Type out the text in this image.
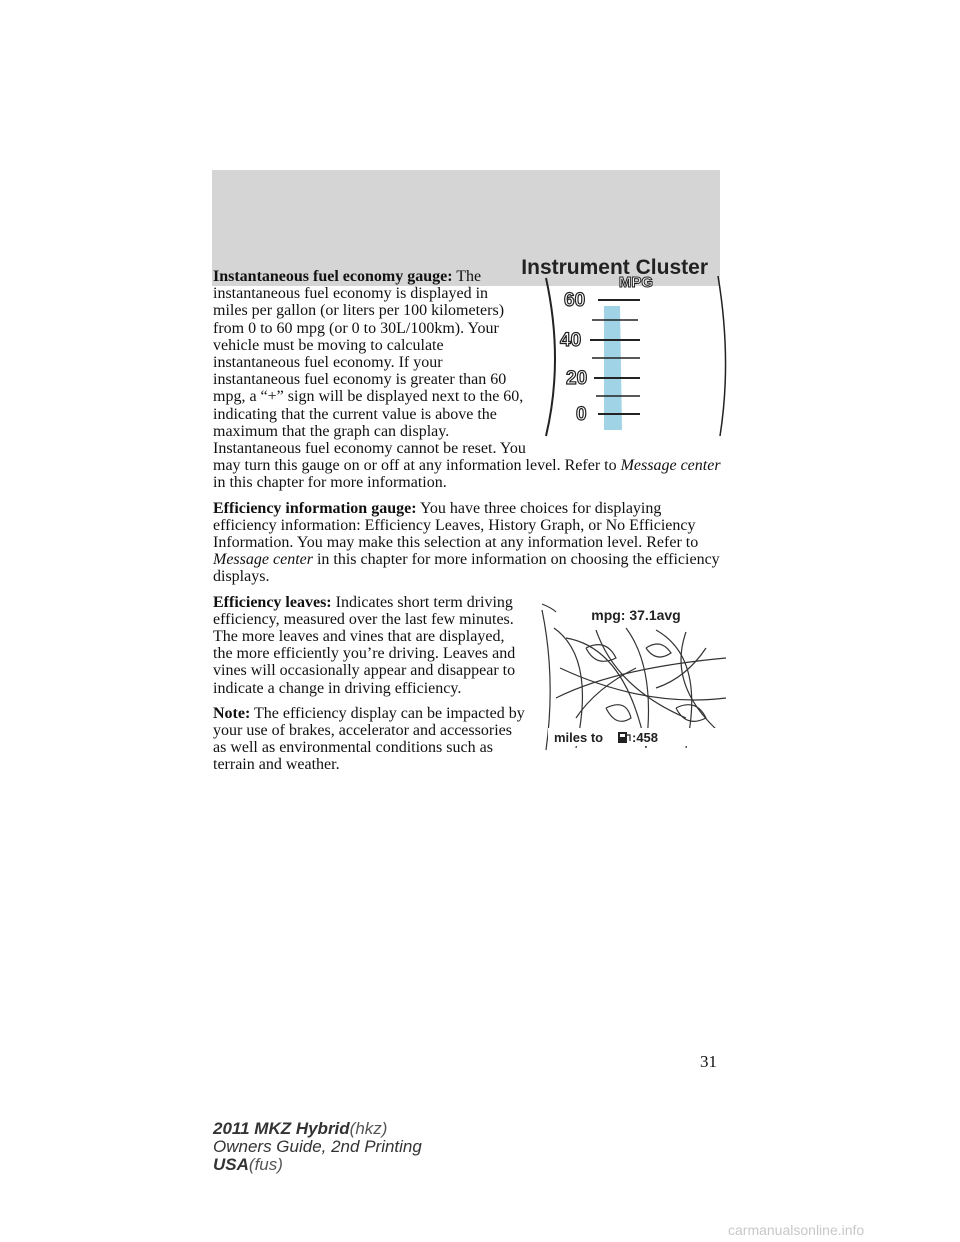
Instrument Cluster
MPG
60
40
20
0
Instantaneous fuel economy gauge: The instantaneous fuel economy is displayed in miles per gallon (or liters per 100 kilometers) from 0 to 60 mpg (or 0 to 30L/100km). Your vehicle must be moving to calculate instantaneous fuel economy. If your instantaneous fuel economy is greater than 60 mpg, a “+” sign will be displayed next to the 60, indicating that the current value is above the maximum that the graph can display. Instantaneous fuel economy cannot be reset. You may turn this gauge on or off at any information level. Refer to Message center in this chapter for more information.
Efficiency information gauge: You have three choices for displaying efficiency information: Efficiency Leaves, History Graph, or No Efficiency Information. You may make this selection at any information level. Refer to Message center in this chapter for more information on choosing the efficiency displays.
mpg: 37.1avg
miles to :458
Efficiency leaves: Indicates short term driving efficiency, measured over the last few minutes. The more leaves and vines that are displayed, the more efficiently you’re driving. Leaves and vines will occasionally appear and disappear to indicate a change in driving efficiency.
Note: The efficiency display can be impacted by your use of brakes, accelerator and accessories as well as environmental conditions such as terrain and weather.
31
2011 MKZ Hybrid(hkz)
Owners Guide, 2nd Printing
USA(fus)
carmanualsonline.info
